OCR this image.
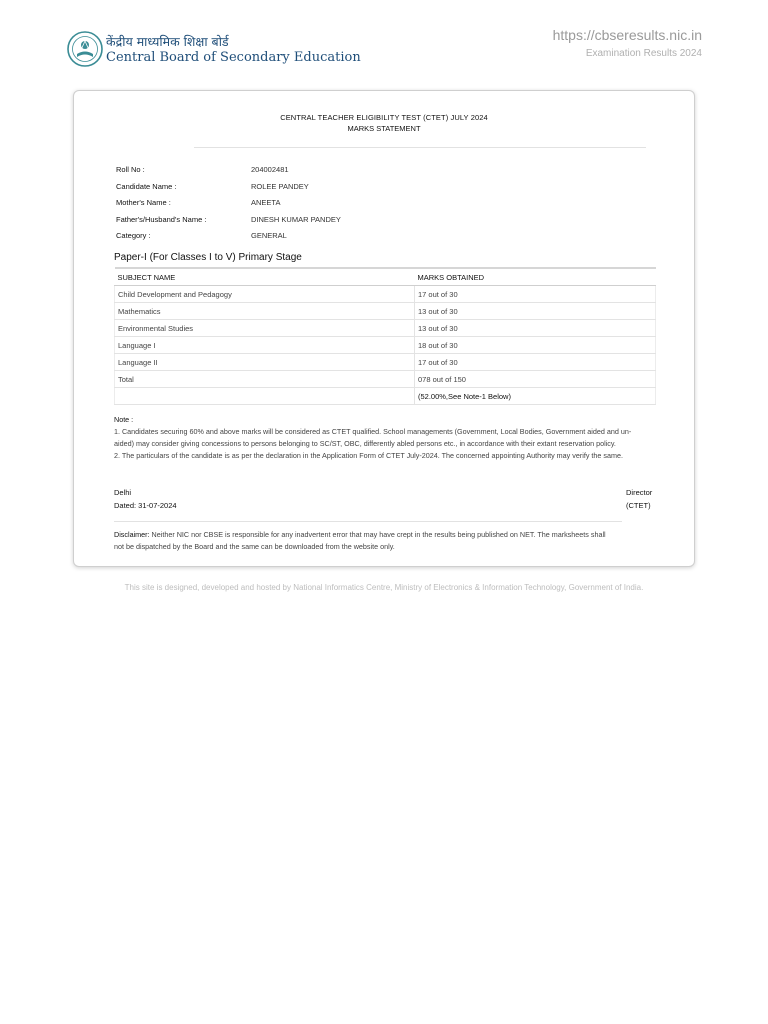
केंद्रीय माध्यमिक शिक्षा बोर्ड
Central Board of Secondary Education
https://cbseresults.nic.in
Examination Results 2024
CENTRAL TEACHER ELIGIBILITY TEST (CTET) JULY 2024
MARKS STATEMENT
Roll No :	204002481
Candidate Name :	ROLEE PANDEY
Mother's Name :	ANEETA
Father's/Husband's Name :	DINESH KUMAR PANDEY
Category :	GENERAL
Paper-I (For Classes I to V) Primary Stage
SUBJECT NAME	MARKS OBTAINED
Child Development and Pedagogy	17 out of 30
Mathematics	13 out of 30
Environmental Studies	13 out of 30
Language I	18 out of 30
Language II	17 out of 30
Total	078 out of 150
	(52.00%,See Note-1 Below)
Note :
1. Candidates securing 60% and above marks will be considered as CTET qualified. School managements (Government, Local Bodies, Government aided and un-aided) may consider giving concessions to persons belonging to SC/ST, OBC, differently abled persons etc., in accordance with their extant reservation policy.
2. The particulars of the candidate is as per the declaration in the Application Form of CTET July-2024. The concerned appointing Authority may verify the same.
Delhi
Dated: 31-07-2024
Director
(CTET)
Disclaimer: Neither NIC nor CBSE is responsible for any inadvertent error that may have crept in the results being published on NET. The marksheets shall not be dispatched by the Board and the same can be downloaded from the website only.
This site is designed, developed and hosted by National Informatics Centre, Ministry of Electronics & Information Technology, Government of India.
